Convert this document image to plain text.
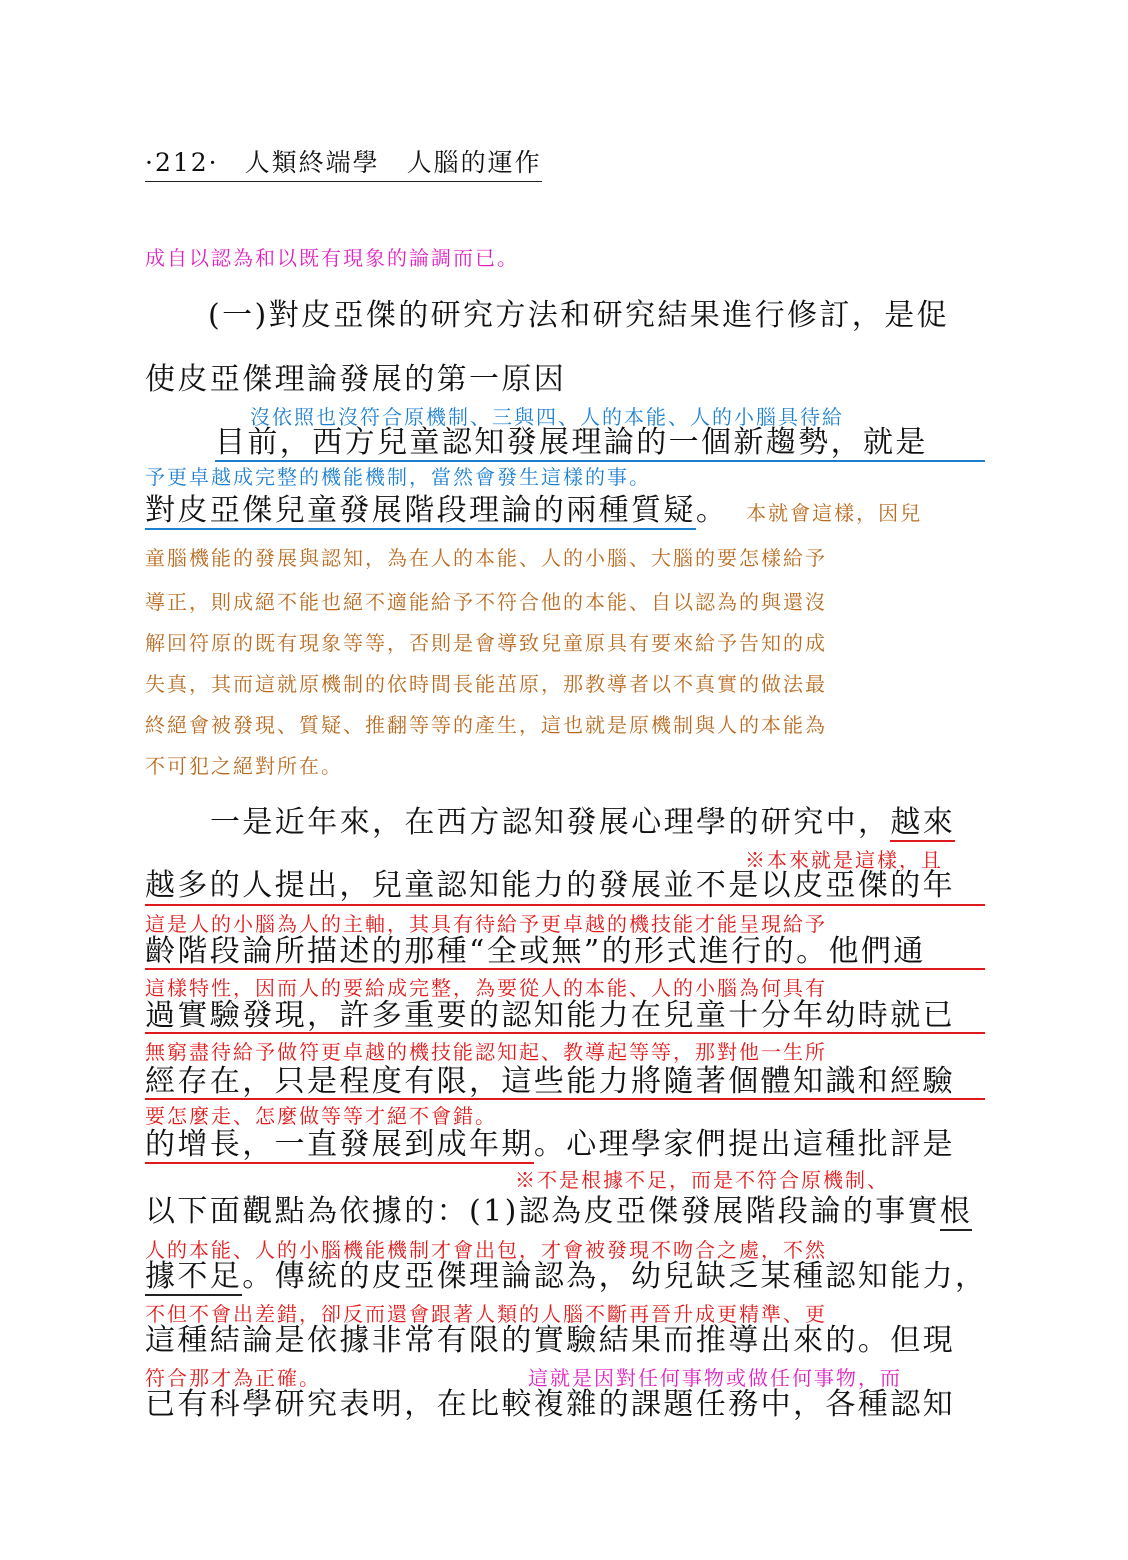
·212· 人類終端學　人腦的運作
成自以認為和以既有現象的論調而已。
(一)對皮亞傑的研究方法和研究結果進行修訂，是促
使皮亞傑理論發展的第一原因
沒依照也沒符合原機制、三與四、人的本能、人的小腦具待給
目前，西方兒童認知發展理論的一個新趨勢，就是
予更卓越成完整的機能機制，當然會發生這樣的事。
對皮亞傑兒童發展階段理論的兩種質疑。 本就會這樣，因兒
童腦機能的發展與認知，為在人的本能、人的小腦、大腦的要怎樣給予
導正，則成絕不能也絕不適能給予不符合他的本能、自以認為的與還沒
解回符原的既有現象等等，否則是會導致兒童原具有要來給予告知的成
失真，其而這就原機制的依時間長能茁原，那教導者以不真實的做法最
終絕會被發現、質疑、推翻等等的產生，這也就是原機制與人的本能為
不可犯之絕對所在。
一是近年來，在西方認知發展心理學的研究中，越來
※本來就是這樣，且
越多的人提出，兒童認知能力的發展並不是以皮亞傑的年
這是人的小腦為人的主軸，其具有待給予更卓越的機技能才能呈現給予
齡階段論所描述的那種“全或無”的形式進行的。他們通
這樣特性，因而人的要給成完整，為要從人的本能、人的小腦為何具有
過實驗發現，許多重要的認知能力在兒童十分年幼時就已
無窮盡待給予做符更卓越的機技能認知起、教導起等等，那對他一生所
經存在，只是程度有限，這些能力將隨著個體知識和經驗
要怎麼走、怎麼做等等才絕不會錯。
的增長，一直發展到成年期。心理學家們提出這種批評是
※不是根據不足，而是不符合原機制、
以下面觀點為依據的：(1)認為皮亞傑發展階段論的事實根
人的本能、人的小腦機能機制才會出包，才會被發現不吻合之處，不然
據不足。傳統的皮亞傑理論認為，幼兒缺乏某種認知能力，
不但不會出差錯，卻反而還會跟著人類的人腦不斷再晉升成更精準、更
這種結論是依據非常有限的實驗結果而推導出來的。但現
符合那才為正確。	這就是因對任何事物或做任何事物，而
已有科學研究表明，在比較複雜的課題任務中，各種認知
